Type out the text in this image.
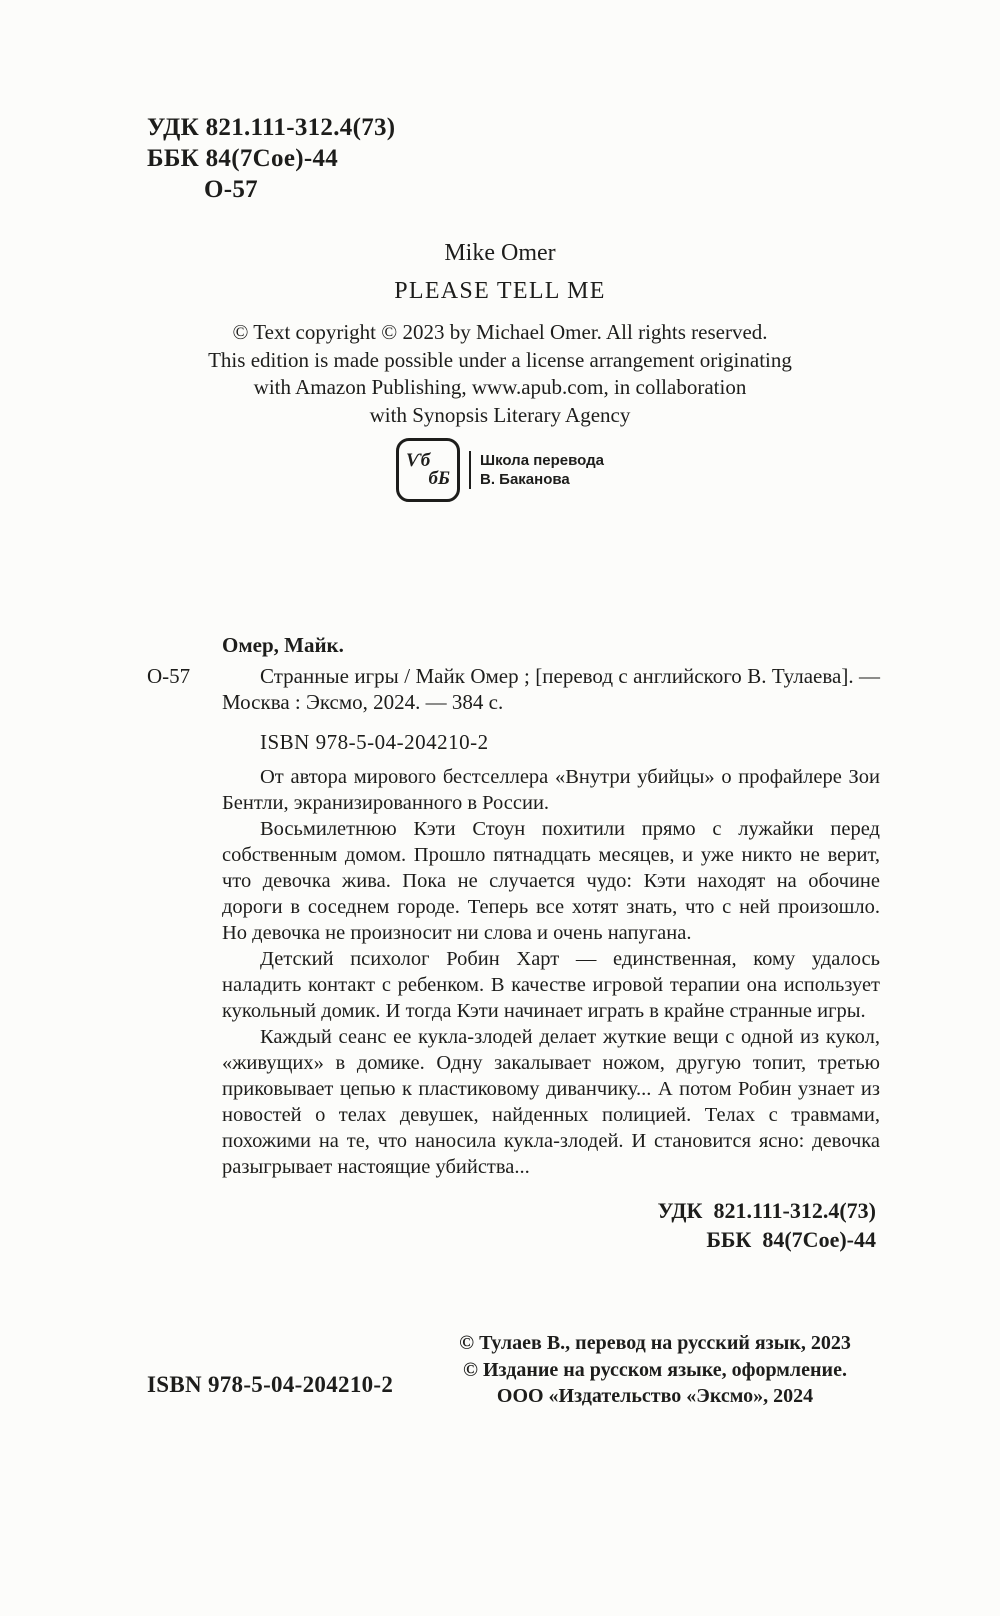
УДК 821.111-312.4(73)
ББК 84(7Сое)-44
О-57
Mike Omer
PLEASE TELL ME
© Text copyright © 2023 by Michael Omer. All rights reserved.
This edition is made possible under a license arrangement originating
with Amazon Publishing, www.apub.com, in collaboration
with Synopsis Literary Agency
Ѵб
бБ
Школа перевода
В. Баканова
Омер, Майк.
О-57	Странные игры / Майк Омер ; [перевод с английского В. Тулаева]. — Москва : Эксмо, 2024. — 384 с.
ISBN 978-5-04-204210-2

От автора мирового бестселлера «Внутри убийцы» о профайлере Зои Бентли, экранизированного в России.

Восьмилетнюю Кэти Стоун похитили прямо с лужайки перед собственным домом. Прошло пятнадцать месяцев, и уже никто не верит, что девочка жива. Пока не случается чудо: Кэти находят на обочине дороги в соседнем городе. Теперь все хотят знать, что с ней произошло. Но девочка не произносит ни слова и очень напугана.

Детский психолог Робин Харт — единственная, кому удалось наладить контакт с ребенком. В качестве игровой терапии она использует кукольный домик. И тогда Кэти начинает играть в крайне странные игры.

Каждый сеанс ее кукла-злодей делает жуткие вещи с одной из кукол, «живущих» в домике. Одну закалывает ножом, другую топит, третью приковывает цепью к пластиковому диванчику... А потом Робин узнает из новостей о телах девушек, найденных полицией. Телах с травмами, похожими на те, что наносила кукла-злодей. И становится ясно: девочка разыгрывает настоящие убийства...

УДК  821.111-312.4(73)
ББК  84(7Сое)-44
© Тулаев В., перевод на русский язык, 2023
© Издание на русском языке, оформление.
ООО «Издательство «Эксмо», 2024
ISBN 978-5-04-204210-2
